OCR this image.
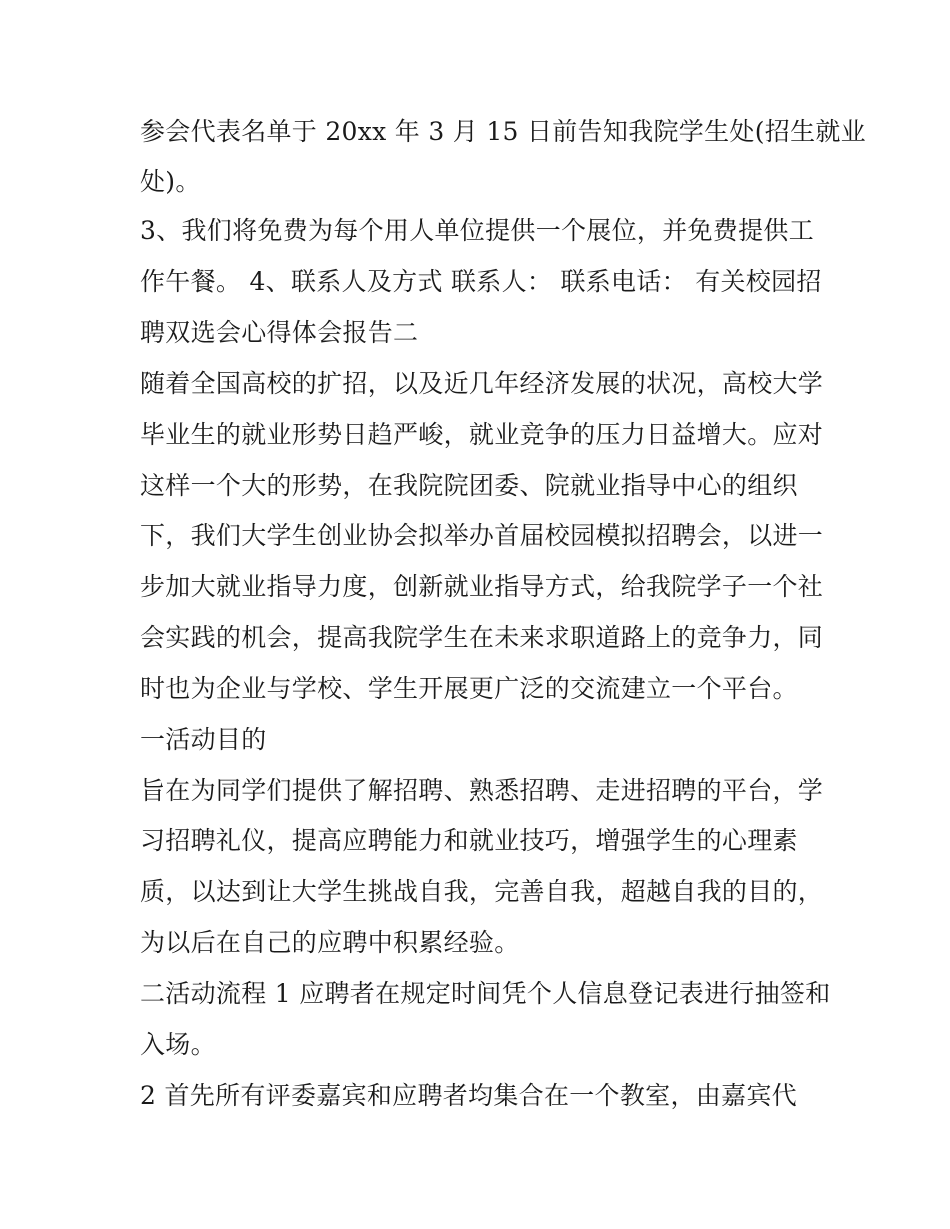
参会代表名单于 20xx 年 3 月 15 日前告知我院学生处(招生就业
处)。
3、我们将免费为每个用人单位提供一个展位，并免费提供工
作午餐。 4、联系人及方式 联系人： 联系电话： 有关校园招
聘双选会心得体会报告二
随着全国高校的扩招，以及近几年经济发展的状况，高校大学
毕业生的就业形势日趋严峻，就业竞争的压力日益增大。应对
这样一个大的形势，在我院院团委、院就业指导中心的组织
下，我们大学生创业协会拟举办首届校园模拟招聘会，以进一
步加大就业指导力度，创新就业指导方式，给我院学子一个社
会实践的机会，提高我院学生在未来求职道路上的竞争力，同
时也为企业与学校、学生开展更广泛的交流建立一个平台。
一活动目的
旨在为同学们提供了解招聘、熟悉招聘、走进招聘的平台，学
习招聘礼仪，提高应聘能力和就业技巧，增强学生的心理素
质，以达到让大学生挑战自我，完善自我，超越自我的目的，
为以后在自己的应聘中积累经验。
二活动流程 1 应聘者在规定时间凭个人信息登记表进行抽签和
入场。
2 首先所有评委嘉宾和应聘者均集合在一个教室，由嘉宾代
